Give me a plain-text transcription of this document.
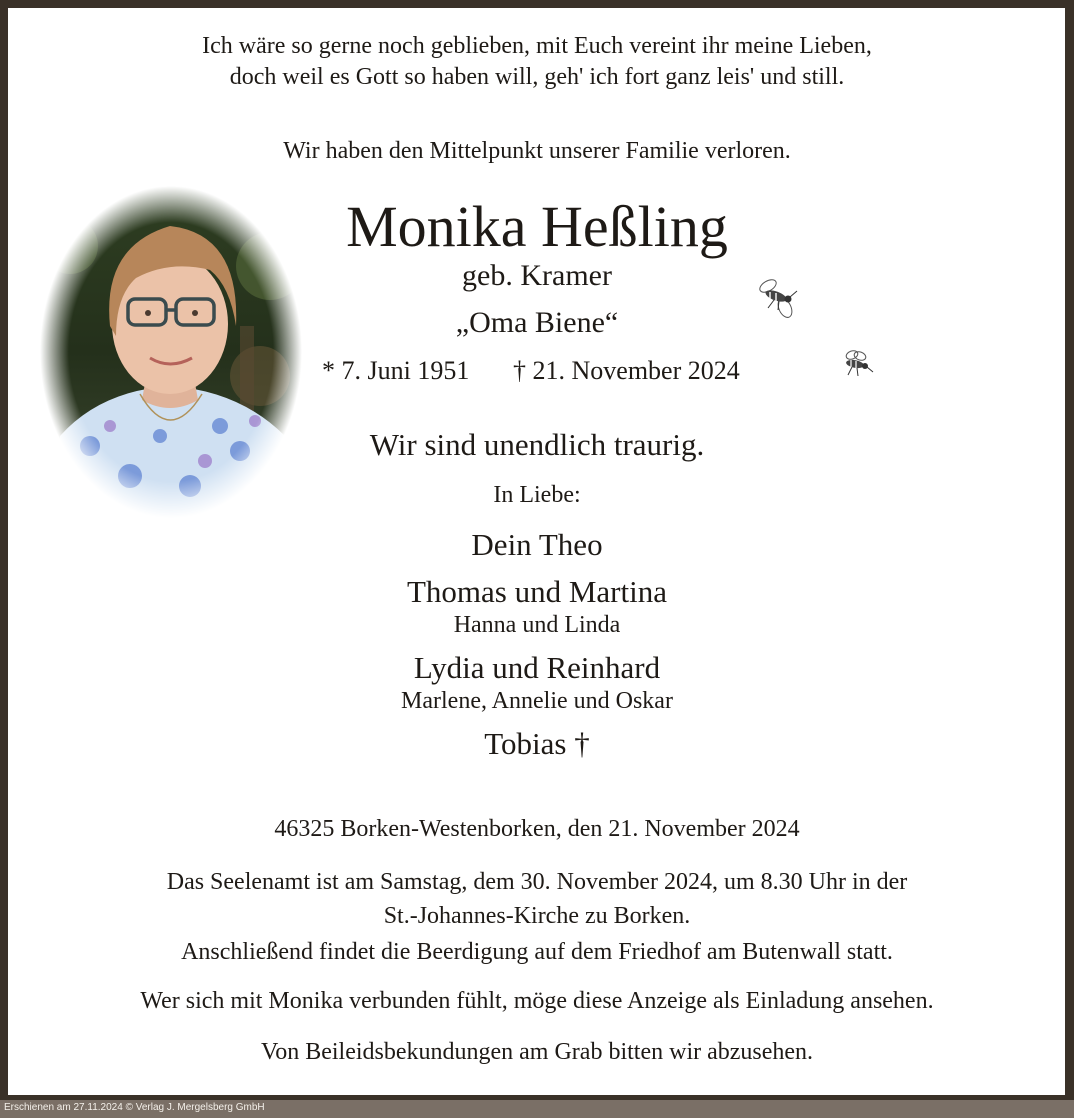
Ich wäre so gerne noch geblieben, mit Euch vereint ihr meine Lieben,

doch weil es Gott so haben will, geh' ich fort ganz leis' und still.

Wir haben den Mittelpunkt unserer Familie verloren.

Monika Heßling

geb. Kramer

„Oma Biene“

* 7. Juni 1951 † 21. November 2024

Wir sind unendlich traurig.

In Liebe:

Dein Theo

Thomas und Martina

Hanna und Linda

Lydia und Reinhard

Marlene, Annelie und Oskar

Tobias †

46325 Borken-Westenborken, den 21. November 2024

Das Seelenamt ist am Samstag, dem 30. November 2024, um 8.30 Uhr in der

St.-Johannes-Kirche zu Borken.

Anschließend findet die Beerdigung auf dem Friedhof am Butenwall statt.

Wer sich mit Monika verbunden fühlt, möge diese Anzeige als Einladung ansehen.

Von Beileidsbekundungen am Grab bitten wir abzusehen.

Erschienen am 27.11.2024 © Verlag J. Mergelsberg GmbH
